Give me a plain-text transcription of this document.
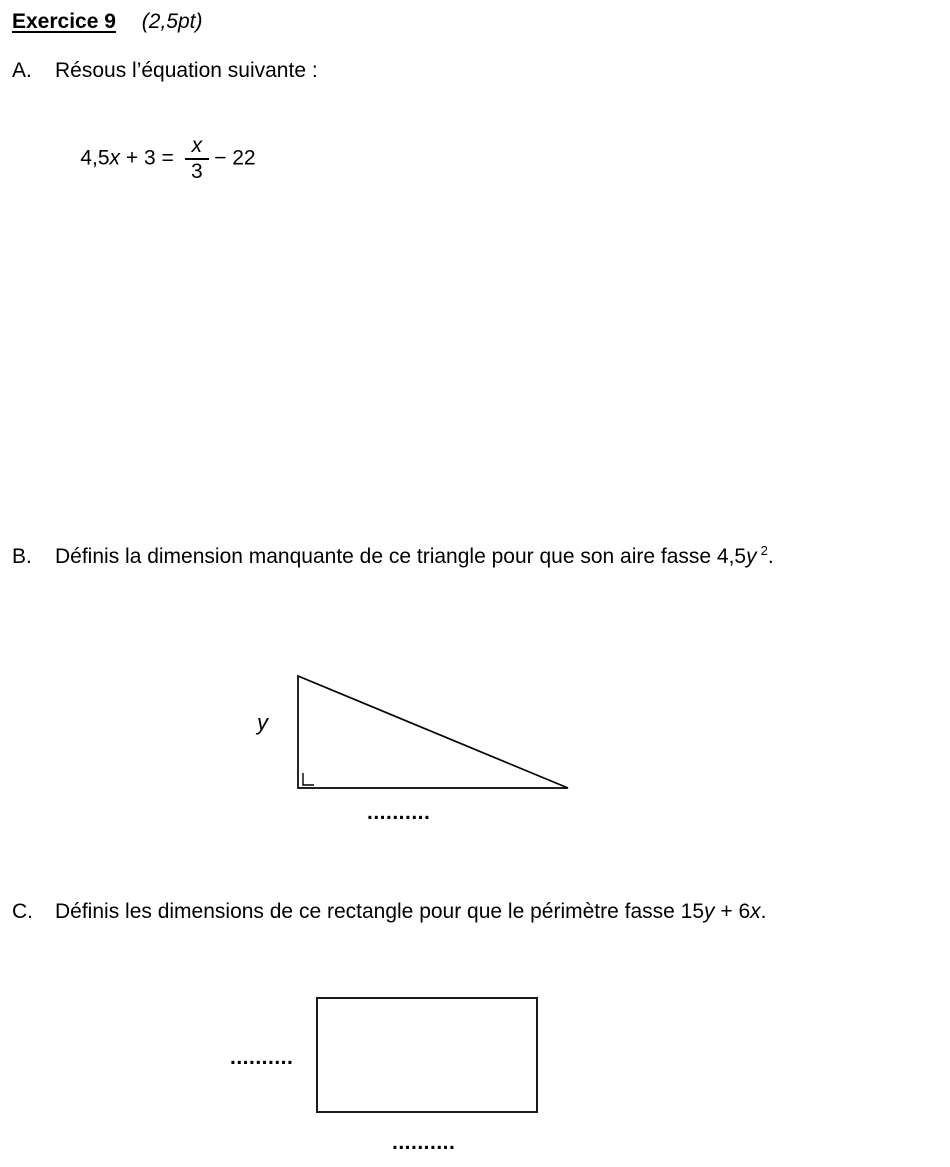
Exercice 9 (2,5pt)
A.	Résous l’équation suivante :

$4,5x + 3 = \frac{x}{3} - 22$

B.	Définis la dimension manquante de ce triangle pour que son aire fasse 4,5y $^2$.
y
..........
C.	Définis les dimensions de ce rectangle pour que le périmètre fasse 15y + 6x.
..........
..........
